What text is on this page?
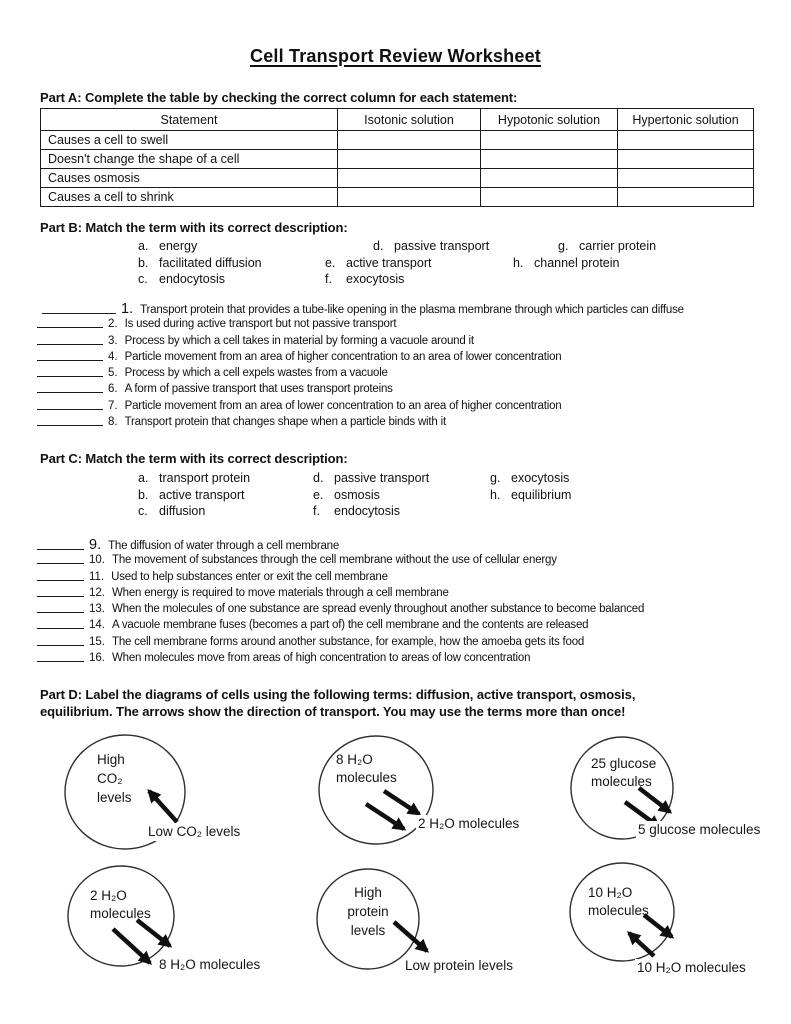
Cell Transport Review Worksheet
Part A: Complete the table by checking the correct column for each statement:
Statement	Isotonic solution	Hypotonic solution	Hypertonic solution
Causes a cell to swell			
Doesn't change the shape of a cell			
Causes osmosis			
Causes a cell to shrink			
Part B: Match the term with its correct description:
a. energy	d. passive transport	g. carrier protein
b. facilitated diffusion	e. active transport	h. channel protein
c. endocytosis	f. exocytosis
1. Transport protein that provides a tube-like opening in the plasma membrane through which particles can diffuse
2. Is used during active transport but not passive transport
3. Process by which a cell takes in material by forming a vacuole around it
4. Particle movement from an area of higher concentration to an area of lower concentration
5. Process by which a cell expels wastes from a vacuole
6. A form of passive transport that uses transport proteins
7. Particle movement from an area of lower concentration to an area of higher concentration
8. Transport protein that changes shape when a particle binds with it
Part C: Match the term with its correct description:
a. transport protein	d. passive transport	g. exocytosis
b. active transport	e. osmosis	h. equilibrium
c. diffusion	f. endocytosis
9. The diffusion of water through a cell membrane
10. The movement of substances through the cell membrane without the use of cellular energy
11. Used to help substances enter or exit the cell membrane
12. When energy is required to move materials through a cell membrane
13. When the molecules of one substance are spread evenly throughout another substance to become balanced
14. A vacuole membrane fuses (becomes a part of) the cell membrane and the contents are released
15. The cell membrane forms around another substance, for example, how the amoeba gets its food
16. When molecules move from areas of high concentration to areas of low concentration
Part D: Label the diagrams of cells using the following terms: diffusion, active transport, osmosis,
equilibrium. The arrows show the direction of transport. You may use the terms more than once!
High
CO₂
levels
Low CO₂ levels
8 H₂O
molecules
2 H₂O molecules
25 glucose
molecules
5 glucose molecules
2 H₂O
molecules
8 H₂O molecules
High
protein
levels
Low protein levels
10 H₂O
molecules
10 H₂O molecules
